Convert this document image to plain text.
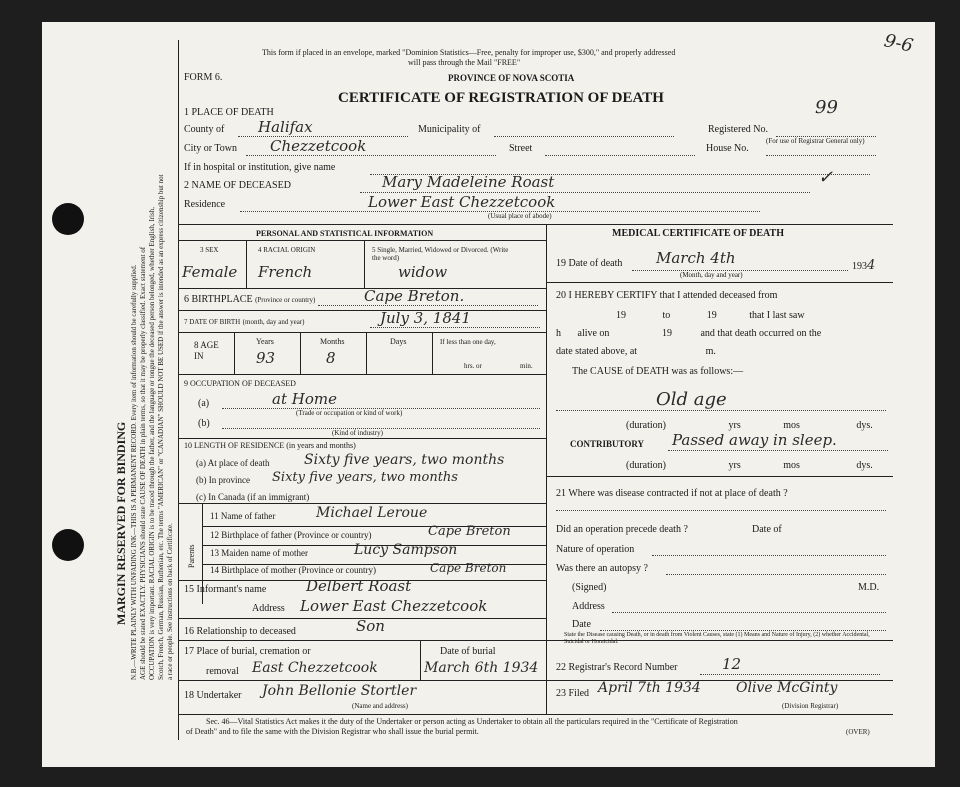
MARGIN RESERVED FOR BINDING N.B.—WRITE PLAINLY WITH UNFADING INK—THIS IS A PERMANENT RECORD. Every item of information should be carefully supplied. AGE should be stated EXACTLY. PHYSICIANS should state CAUSE OF DEATH in plain terms, so that it may be properly classified. Exact statement of OCCUPATION is very important. RACIAL ORIGIN is to be traced through the father, and the language or tongue the deceased person belonged, whether English, Irish, Scotch, French, German, Russian, Ruthenian, etc. The terms "AMERICAN" or "CANADIAN" SHOULD NOT BE USED if the answer is intended as an express citizenship but not a race or people. See instructions on back of Certificate.
This form if placed in an envelope, marked "Dominion Statistics—Free, penalty for improper use, $300," and properly addressed
will pass through the Mail "FREE"
FORM 6.	PROVINCE OF NOVA SCOTIA
CERTIFICATE OF REGISTRATION OF DEATH
9-6
1 PLACE OF DEATH
County of Halifax	Municipality of	Registered No.
99
(For use of Registrar General only)
City or Town Chezzetcook	Street	House No.
If in hospital or institution, give name
2 NAME OF DECEASED	Mary Madeleine Roast	✓
Residence	Lower East Chezzetcook
(Usual place of abode)
PERSONAL AND STATISTICAL INFORMATION	MEDICAL CERTIFICATE OF DEATH
3 SEX	4 RACIAL ORIGIN	5 Single, Married, Widowed or Divorced. (Write the word)
Female French	widow
6 BIRTHPLACE (Province or country)	Cape Breton.
7 DATE OF BIRTH (month, day and year)	July 3, 1841
8 AGE IN
Years	Months	Days
93	8
If less than one day,
hrs. or	min.
9 OCCUPATION OF DECEASED
(a)	at Home
(Trade or occupation or kind of work)
(b)
(Kind of industry)
10 LENGTH OF RESIDENCE (in years and months)
(a) At place of death Sixty five years, two months
(b) In province Sixty five years, two months
(c) In Canada (if an immigrant)
Parents
11 Name of father	Michael Leroue
12 Birthplace of father (Province or country)	Cape Breton
13 Maiden name of mother	Lucy Sampson
14 Birthplace of mother (Province or country)	Cape Breton
15 Informant's name	Delbert Roast
Address Lower East Chezzetcook
16 Relationship to deceased	Son
17 Place of burial, cremation or	Date of burial
removal East Chezzetcook	March 6th 1934
18 Undertaker John Bellonie Stortler
(Name and address)
19 Date of death March 4th	1934
(Month, day and year)
20 I HEREBY CERTIFY that I attended deceased from
19	to	19	that I last saw
h alive on	19	and that death occurred on the
date stated above, at	m.
The CAUSE of DEATH was as follows:—
Old age
(duration)	yrs	mos	dys.
CONTRIBUTORY Passed away in sleep.
(duration)	yrs	mos	dys.
21 Where was disease contracted if not at place of death ?
Did an operation precede death ?	Date of
Nature of operation
Was there an autopsy ?
(Signed)	M.D.
Address
Date
State the Disease causing Death, or in death from Violent Causes, state (1) Means and Nature of Injury, (2) whether Accidental, Suicidal or Homicidal.
22 Registrar's Record Number	12
23 Filed April 7th 1934	Olive McGinty
(Division Registrar)
Sec. 46—Vital Statistics Act makes it the duty of the Undertaker or person acting as Undertaker to obtain all the particulars required in the "Certificate of Registration
of Death" and to file the same with the Division Registrar who shall issue the burial permit.	(OVER)
